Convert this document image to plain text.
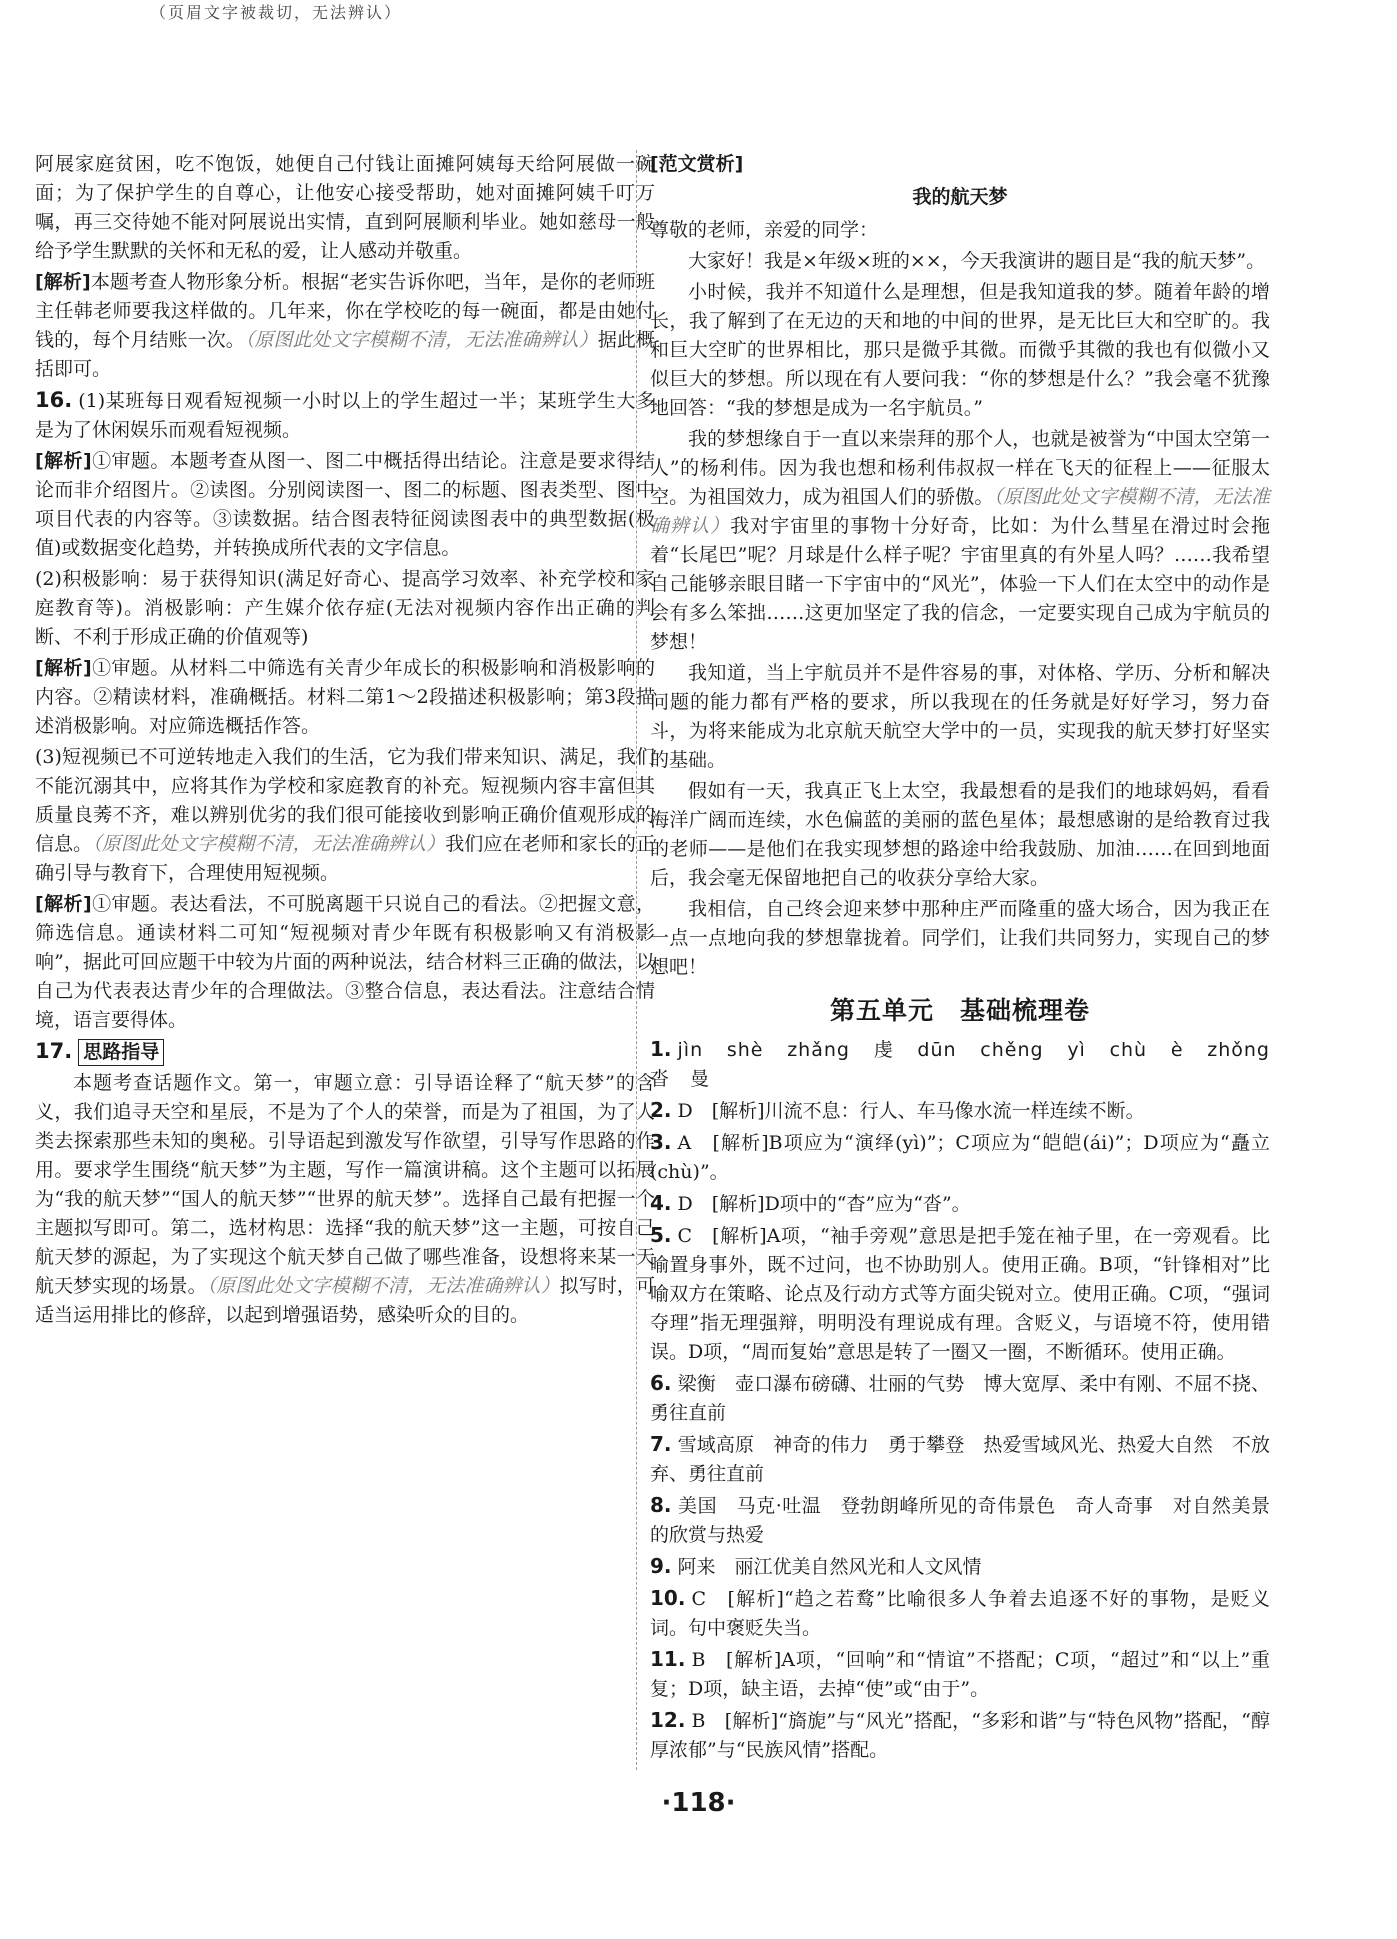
（页眉文字被裁切，无法辨认）

阿展家庭贫困，吃不饱饭，她便自己付钱让面摊阿姨每天给阿展做一碗面；为了保护学生的自尊心，让他安心接受帮助，她对面摊阿姨千叮万嘱，再三交待她不能对阿展说出实情，直到阿展顺利毕业。她如慈母一般给予学生默默的关怀和无私的爱，让人感动并敬重。

[解析]本题考查人物形象分析。根据“老实告诉你吧，当年，是你的老师班主任韩老师要我这样做的。几年来，你在学校吃的每一碗面，都是由她付钱的，每个月结账一次。（原图此处文字模糊不清，无法准确辨认）据此概括即可。

16. (1)某班每日观看短视频一小时以上的学生超过一半；某班学生大多是为了休闲娱乐而观看短视频。

[解析]①审题。本题考查从图一、图二中概括得出结论。注意是要求得结论而非介绍图片。②读图。分别阅读图一、图二的标题、图表类型、图中项目代表的内容等。③读数据。结合图表特征阅读图表中的典型数据(极值)或数据变化趋势，并转换成所代表的文字信息。

(2)积极影响：易于获得知识(满足好奇心、提高学习效率、补充学校和家庭教育等)。消极影响：产生媒介依存症(无法对视频内容作出正确的判断、不利于形成正确的价值观等)

[解析]①审题。从材料二中筛选有关青少年成长的积极影响和消极影响的内容。②精读材料，准确概括。材料二第1～2段描述积极影响；第3段描述消极影响。对应筛选概括作答。

(3)短视频已不可逆转地走入我们的生活，它为我们带来知识、满足，我们不能沉溺其中，应将其作为学校和家庭教育的补充。短视频内容丰富但其质量良莠不齐，难以辨别优劣的我们很可能接收到影响正确价值观形成的信息。（原图此处文字模糊不清，无法准确辨认）我们应在老师和家长的正确引导与教育下，合理使用短视频。

[解析]①审题。表达看法，不可脱离题干只说自己的看法。②把握文意，筛选信息。通读材料二可知“短视频对青少年既有积极影响又有消极影响”，据此可回应题干中较为片面的两种说法，结合材料三正确的做法，以自己为代表表达青少年的合理做法。③整合信息，表达看法。注意结合情境，语言要得体。

17. 思路指导

本题考查话题作文。第一，审题立意：引导语诠释了“航天梦”的含义，我们追寻天空和星辰，不是为了个人的荣誉，而是为了祖国，为了人类去探索那些未知的奥秘。引导语起到激发写作欲望，引导写作思路的作用。要求学生围绕“航天梦”为主题，写作一篇演讲稿。这个主题可以拓展为“我的航天梦”“国人的航天梦”“世界的航天梦”。选择自己最有把握一个主题拟写即可。第二，选材构思：选择“我的航天梦”这一主题，可按自己航天梦的源起，为了实现这个航天梦自己做了哪些准备，设想将来某一天航天梦实现的场景。（原图此处文字模糊不清，无法准确辨认）拟写时，可适当运用排比的修辞，以起到增强语势，感染听众的目的。

[范文赏析]

我的航天梦

尊敬的老师，亲爱的同学：

大家好！我是×年级×班的××，今天我演讲的题目是“我的航天梦”。

小时候，我并不知道什么是理想，但是我知道我的梦。随着年龄的增长，我了解到了在无边的天和地的中间的世界，是无比巨大和空旷的。我和巨大空旷的世界相比，那只是微乎其微。而微乎其微的我也有似微小又似巨大的梦想。所以现在有人要问我：“你的梦想是什么？”我会毫不犹豫地回答：“我的梦想是成为一名宇航员。”

我的梦想缘自于一直以来崇拜的那个人，也就是被誉为“中国太空第一人”的杨利伟。因为我也想和杨利伟叔叔一样在飞天的征程上——征服太空。为祖国效力，成为祖国人们的骄傲。（原图此处文字模糊不清，无法准确辨认）我对宇宙里的事物十分好奇，比如：为什么彗星在滑过时会拖着“长尾巴”呢？月球是什么样子呢？宇宙里真的有外星人吗？……我希望自己能够亲眼目睹一下宇宙中的“风光”，体验一下人们在太空中的动作是会有多么笨拙……这更加坚定了我的信念，一定要实现自己成为宇航员的梦想！

我知道，当上宇航员并不是件容易的事，对体格、学历、分析和解决问题的能力都有严格的要求，所以我现在的任务就是好好学习，努力奋斗，为将来能成为北京航天航空大学中的一员，实现我的航天梦打好坚实的基础。

假如有一天，我真正飞上太空，我最想看的是我们的地球妈妈，看看海洋广阔而连续，水色偏蓝的美丽的蓝色星体；最想感谢的是给教育过我的老师——是他们在我实现梦想的路途中给我鼓励、加油……在回到地面后，我会毫无保留地把自己的收获分享给大家。

我相信，自己终会迎来梦中那种庄严而隆重的盛大场合，因为我正在一点一点地向我的梦想靠拢着。同学们，让我们共同努力，实现自己的梦想吧！

第五单元　基础梳理卷

1. jìn　shè　zhǎng　虔　dūn　chěng　yì　chù　è　zhǒng　沓　曼

2. D　[解析]川流不息：行人、车马像水流一样连续不断。

3. A　[解析]B项应为“演绎(yì)”；C项应为“皑皑(ái)”；D项应为“矗立(chù)”。

4. D　[解析]D项中的“杳”应为“沓”。

5. C　[解析]A项，“袖手旁观”意思是把手笼在袖子里，在一旁观看。比喻置身事外，既不过问，也不协助别人。使用正确。B项，“针锋相对”比喻双方在策略、论点及行动方式等方面尖锐对立。使用正确。C项，“强词夺理”指无理强辩，明明没有理说成有理。含贬义，与语境不符，使用错误。D项，“周而复始”意思是转了一圈又一圈，不断循环。使用正确。

6. 梁衡　壶口瀑布磅礴、壮丽的气势　博大宽厚、柔中有刚、不屈不挠、勇往直前

7. 雪域高原　神奇的伟力　勇于攀登　热爱雪域风光、热爱大自然　不放弃、勇往直前

8. 美国　马克·吐温　登勃朗峰所见的奇伟景色　奇人奇事　对自然美景的欣赏与热爱

9. 阿来　丽江优美自然风光和人文风情

10. C　[解析]“趋之若鹜”比喻很多人争着去追逐不好的事物，是贬义词。句中褒贬失当。

11. B　[解析]A项，“回响”和“情谊”不搭配；C项，“超过”和“以上”重复；D项，缺主语，去掉“使”或“由于”。

12. B　[解析]“旖旎”与“风光”搭配，“多彩和谐”与“特色风物”搭配，“醇厚浓郁”与“民族风情”搭配。

·118·
